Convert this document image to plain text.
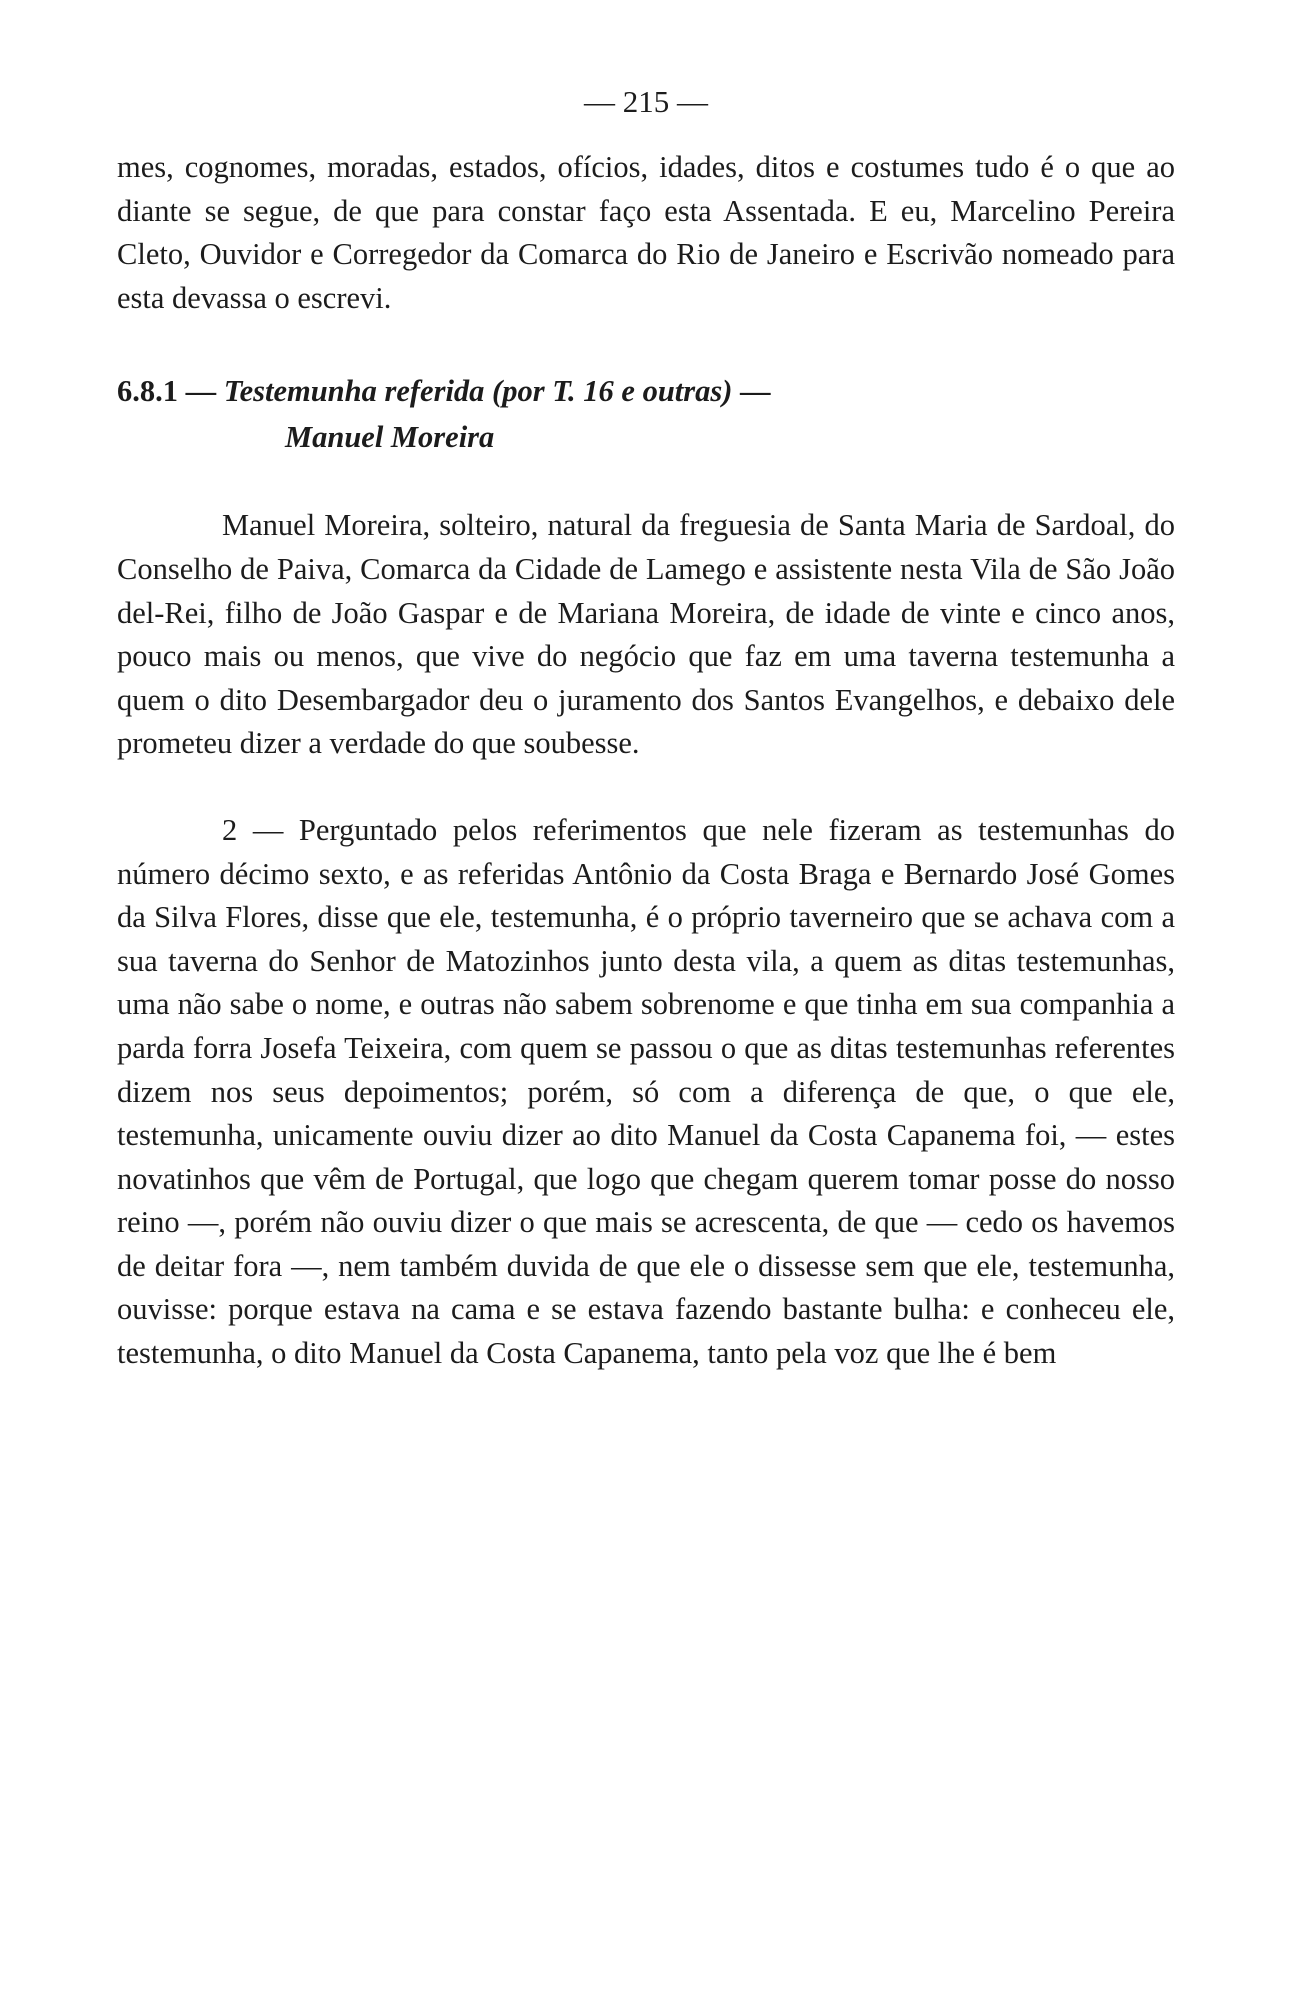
— 215 —

mes, cognomes, moradas, estados, ofícios, idades, ditos e costumes tudo é o que ao diante se segue, de que para constar faço esta Assentada. E eu, Marcelino Pereira Cleto, Ouvidor e Corregedor da Comarca do Rio de Janeiro e Escrivão nomeado para esta devassa o escrevi.

6.8.1 — Testemunha referida (por T. 16 e outras) —
Manuel Moreira

Manuel Moreira, solteiro, natural da freguesia de Santa Maria de Sardoal, do Conselho de Paiva, Comarca da Cidade de Lamego e assistente nesta Vila de São João del-Rei, filho de João Gaspar e de Mariana Moreira, de idade de vinte e cinco anos, pouco mais ou menos, que vive do negócio que faz em uma taverna testemunha a quem o dito Desembargador deu o juramento dos Santos Evangelhos, e debaixo dele prometeu dizer a verdade do que soubesse.

2 — Perguntado pelos referimentos que nele fizeram as testemunhas do número décimo sexto, e as referidas Antônio da Costa Braga e Bernardo José Gomes da Silva Flores, disse que ele, testemunha, é o próprio taverneiro que se achava com a sua taverna do Senhor de Matozinhos junto desta vila, a quem as ditas testemunhas, uma não sabe o nome, e outras não sabem sobrenome e que tinha em sua companhia a parda forra Josefa Teixeira, com quem se passou o que as ditas testemunhas referentes dizem nos seus depoimentos; porém, só com a diferença de que, o que ele, testemunha, unicamente ouviu dizer ao dito Manuel da Costa Capanema foi, — estes novatinhos que vêm de Portugal, que logo que chegam querem tomar posse do nosso reino —, porém não ouviu dizer o que mais se acrescenta, de que — cedo os havemos de deitar fora —, nem também duvida de que ele o dissesse sem que ele, testemunha, ouvisse: porque estava na cama e se estava fazendo bastante bulha: e conheceu ele, testemunha, o dito Manuel da Costa Capanema, tanto pela voz que lhe é bem
